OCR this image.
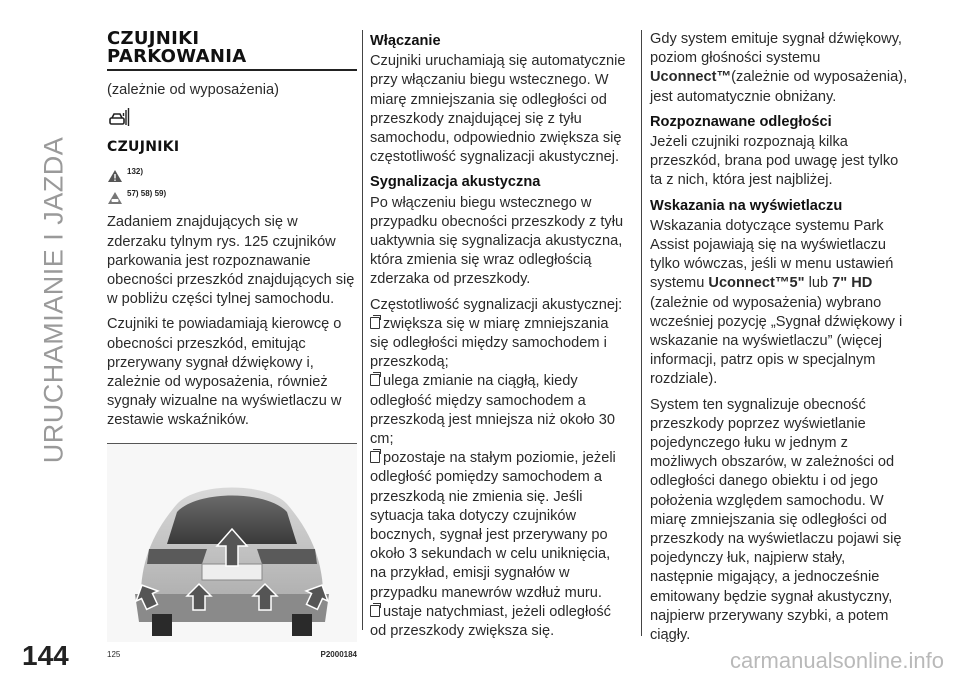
URUCHAMIANIE I JAZDA
144	carmanualsonline.info
CZUJNIKI
PARKOWANIA
(zależnie od wyposażenia)
CZUJNIKI
132)
57) 58) 59)

Zadaniem znajdujących się w zderzaku tylnym rys. 125 czujników parkowania jest rozpoznawanie obecności przeszkód znajdujących się w pobliżu części tylnej samochodu.

Czujniki te powiadamiają kierowcę o obecności przeszkód, emitując przerywany sygnał dźwiękowy i, zależnie od wyposażenia, również sygnały wizualne na wyświetlaczu w zestawie wskaźników.

125	P2000184
Włączanie

Czujniki uruchamiają się automatycznie przy włączaniu biegu wstecznego. W miarę zmniejszania się odległości od przeszkody znajdującej się z tyłu samochodu, odpowiednio zwiększa się częstotliwość sygnalizacji akustycznej.

Sygnalizacja akustyczna

Po włączeniu biegu wstecznego w przypadku obecności przeszkody z tyłu uaktywnia się sygnalizacja akustyczna, która zmienia się wraz odległością zderzaka od przeszkody.

Częstotliwość sygnalizacji akustycznej:
zwiększa się w miarę zmniejszania się odległości między samochodem i przeszkodą;
ulega zmianie na ciągłą, kiedy odległość między samochodem a przeszkodą jest mniejsza niż około 30 cm;
pozostaje na stałym poziomie, jeżeli odległość pomiędzy samochodem a przeszkodą nie zmienia się. Jeśli sytuacja taka dotyczy czujników bocznych, sygnał jest przerywany po około 3 sekundach w celu uniknięcia, na przykład, emisji sygnałów w przypadku manewrów wzdłuż muru.
ustaje natychmiast, jeżeli odległość od przeszkody zwiększa się.

Gdy system emituje sygnał dźwiękowy, poziom głośności systemu Uconnect™(zależnie od wyposażenia), jest automatycznie obniżany.

Rozpoznawane odległości

Jeżeli czujniki rozpoznają kilka przeszkód, brana pod uwagę jest tylko ta z nich, która jest najbliżej.

Wskazania na wyświetlaczu

Wskazania dotyczące systemu Park Assist pojawiają się na wyświetlaczu tylko wówczas, jeśli w menu ustawień systemu Uconnect™5" lub 7" HD (zależnie od wyposażenia) wybrano wcześniej pozycję „Sygnał dźwiękowy i wskazanie na wyświetlaczu” (więcej informacji, patrz opis w specjalnym rozdziale).

System ten sygnalizuje obecność przeszkody poprzez wyświetlanie pojedynczego łuku w jednym z możliwych obszarów, w zależności od odległości danego obiektu i od jego położenia względem samochodu. W miarę zmniejszania się odległości od przeszkody na wyświetlaczu pojawi się pojedynczy łuk, najpierw stały, następnie migający, a jednocześnie emitowany będzie sygnał akustyczny, najpierw przerywany szybki, a potem ciągły.
